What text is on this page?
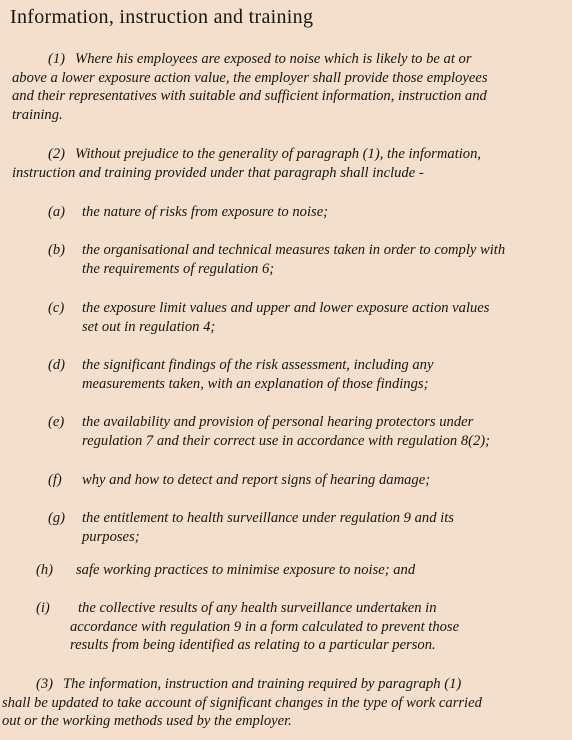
Information, instruction and training
(1) Where his employees are exposed to noise which is likely to be at or
above a lower exposure action value, the employer shall provide those employees
and their representatives with suitable and sufficient information, instruction and
training.
(2) Without prejudice to the generality of paragraph (1), the information,
instruction and training provided under that paragraph shall include -
(a) the nature of risks from exposure to noise;
(b) the organisational and technical measures taken in order to comply with
the requirements of regulation 6;
(c) the exposure limit values and upper and lower exposure action values
set out in regulation 4;
(d) the significant findings of the risk assessment, including any
measurements taken, with an explanation of those findings;
(e) the availability and provision of personal hearing protectors under
regulation 7 and their correct use in accordance with regulation 8(2);
(f) why and how to detect and report signs of hearing damage;
(g) the entitlement to health surveillance under regulation 9 and its
purposes;
(h) safe working practices to minimise exposure to noise; and
(i)	the collective results of any health surveillance undertaken in
accordance with regulation 9 in a form calculated to prevent those
results from being identified as relating to a particular person.
(3) The information, instruction and training required by paragraph (1)
shall be updated to take account of significant changes in the type of work carried
out or the working methods used by the employer.
